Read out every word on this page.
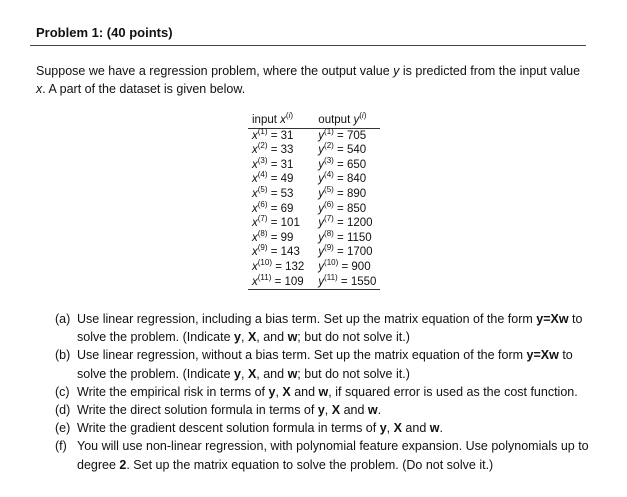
Problem 1: (40 points)
Suppose we have a regression problem, where the output value y is predicted from the input value x. A part of the dataset is given below.
input $x^{(i)}$	output $y^{(i)}$
$x^{(1)} = 31$	$y^{(1)} = 705$
$x^{(2)} = 33$	$y^{(2)} = 540$
$x^{(3)} = 31$	$y^{(3)} = 650$
$x^{(4)} = 49$	$y^{(4)} = 840$
$x^{(5)} = 53$	$y^{(5)} = 890$
$x^{(6)} = 69$	$y^{(6)} = 850$
$x^{(7)} = 101$	$y^{(7)} = 1200$
$x^{(8)} = 99$	$y^{(8)} = 1150$
$x^{(9)} = 143$	$y^{(9)} = 1700$
$x^{(10)} = 132$	$y^{(10)} = 900$
$x^{(11)} = 109$	$y^{(11)} = 1550$
(a) Use linear regression, including a bias term. Set up the matrix equation of the form y=Xw to solve the problem. (Indicate y, X, and w; but do not solve it.)
(b) Use linear regression, without a bias term. Set up the matrix equation of the form y=Xw to solve the problem. (Indicate y, X, and w; but do not solve it.)
(c) Write the empirical risk in terms of y, X and w, if squared error is used as the cost function.
(d) Write the direct solution formula in terms of y, X and w.
(e) Write the gradient descent solution formula in terms of y, X and w.
(f) You will use non-linear regression, with polynomial feature expansion. Use polynomials up to degree 2. Set up the matrix equation to solve the problem. (Do not solve it.)
